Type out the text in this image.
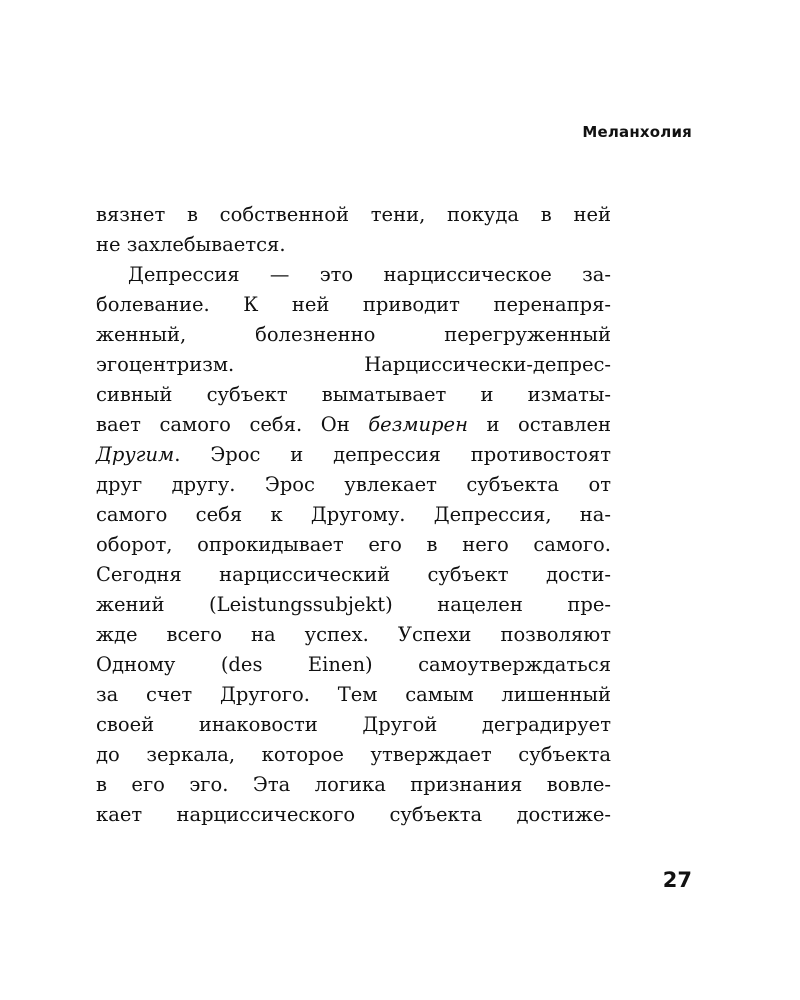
Меланхолия
вязнет в собственной тени, покуда в ней
не захлебывается.
Депрессия — это нарциссическое за-
болевание. К ней приводит перенапря-
женный, болезненно перегруженный
эгоцентризм. Нарциссически-депрес-
сивный субъект выматывает и изматы-
вает самого себя. Он безмирен и оставлен
Другим. Эрос и депрессия противостоят
друг другу. Эрос увлекает субъекта от
самого себя к Другому. Депрессия, на-
оборот, опрокидывает его в него самого.
Сегодня нарциссический субъект дости-
жений (Leistungssubjekt) нацелен пре-
жде всего на успех. Успехи позволяют
Одному (des Einen) самоутверждаться
за счет Другого. Тем самым лишенный
своей инаковости Другой деградирует
до зеркала, которое утверждает субъекта
в его эго. Эта логика признания вовле-
кает нарциссического субъекта достиже-
27
